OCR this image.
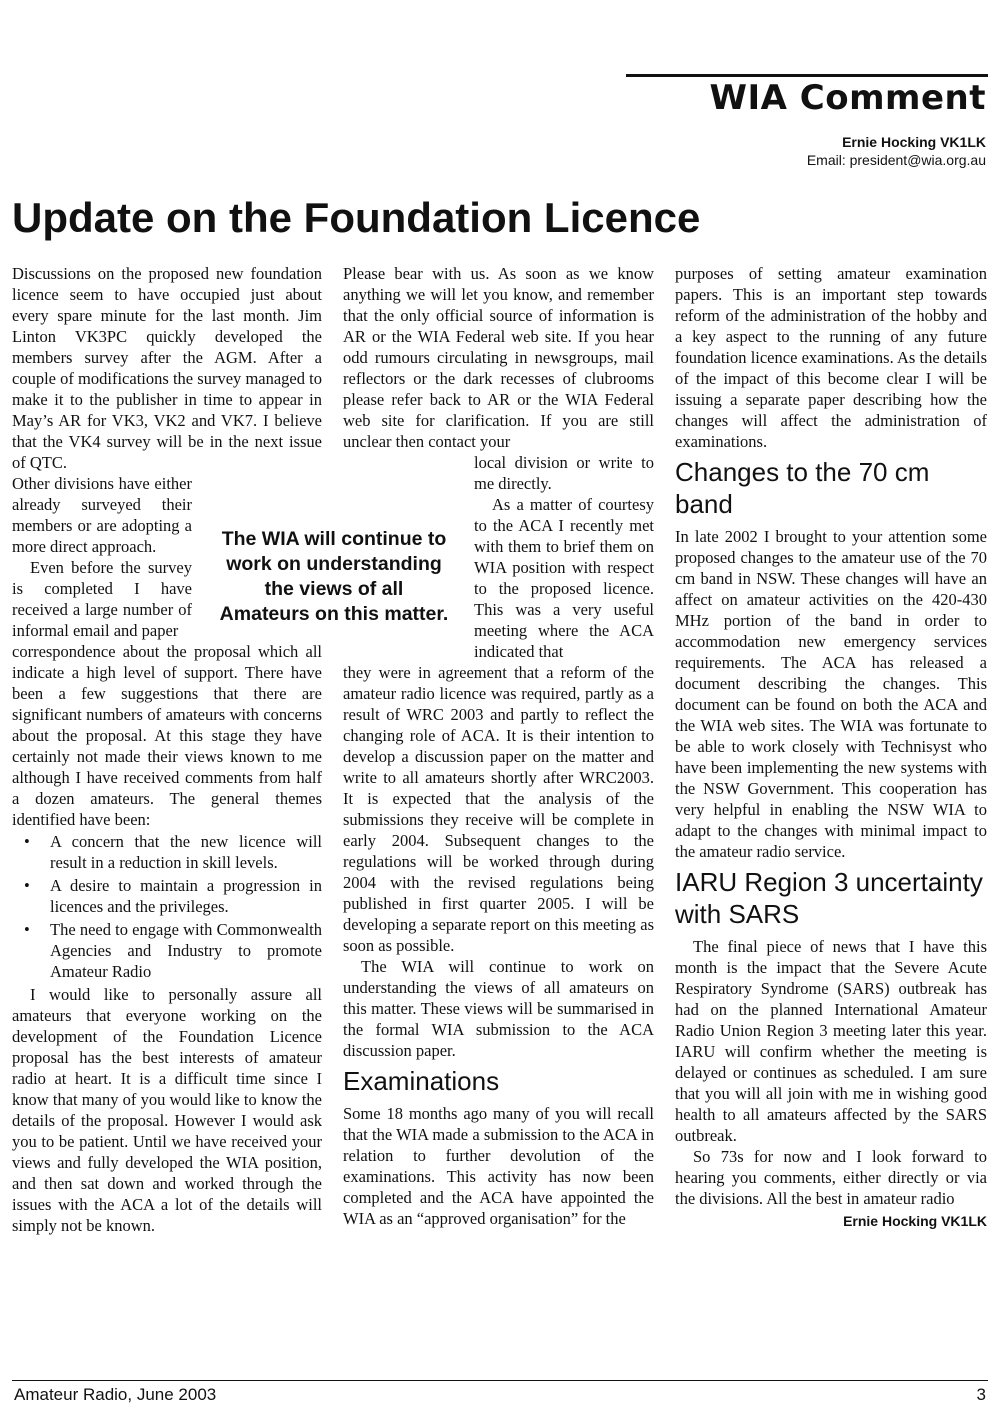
WIA Comment
Ernie Hocking VK1LK
Email: president@wia.org.au
Update on the Foundation Licence

Discussions on the proposed new foundation licence seem to have occupied just about every spare minute for the last month. Jim Linton VK3PC quickly developed the members survey after the AGM. After a couple of modifications the survey managed to make it to the publisher in time to appear in May’s AR for VK3, VK2 and VK7. I believe that the VK4 survey will be in the next issue of QTC.

Other divisions have either already surveyed their members or are adopting a more direct approach.

Even before the survey is completed I have received a large number of informal email and paper

correspondence about the proposal which all indicate a high level of support. There have been a few suggestions that there are significant numbers of amateurs with concerns about the proposal. At this stage they have certainly not made their views known to me although I have received comments from half a dozen amateurs. The general themes identified have been:

• A concern that the new licence will result in a reduction in skill levels.
• A desire to maintain a progression in licences and the privileges.
• The need to engage with Commonwealth Agencies and Industry to promote Amateur Radio

I would like to personally assure all amateurs that everyone working on the development of the Foundation Licence proposal has the best interests of amateur radio at heart. It is a difficult time since I know that many of you would like to know the details of the proposal. However I would ask you to be patient. Until we have received your views and fully developed the WIA position, and then sat down and worked through the issues with the ACA a lot of the details will simply not be known.

The WIA will continue to work on understanding the views of all Amateurs on this matter.

Please bear with us. As soon as we know anything we will let you know, and remember that the only official source of information is AR or the WIA Federal web site. If you hear odd rumours circulating in newsgroups, mail reflectors or the dark recesses of clubrooms please refer back to AR or the WIA Federal web site for clarification. If you are still unclear then contact your

local division or write to me directly.

As a matter of courtesy to the ACA I recently met with them to brief them on WIA position with respect to the proposed licence. This was a very useful meeting where the ACA indicated that

they were in agreement that a reform of the amateur radio licence was required, partly as a result of WRC 2003 and partly to reflect the changing role of ACA. It is their intention to develop a discussion paper on the matter and write to all amateurs shortly after WRC2003. It is expected that the analysis of the submissions they receive will be complete in early 2004. Subsequent changes to the regulations will be worked through during 2004 with the revised regulations being published in first quarter 2005. I will be developing a separate report on this meeting as soon as possible.

The WIA will continue to work on understanding the views of all amateurs on this matter. These views will be summarised in the formal WIA submission to the ACA discussion paper.

Examinations

Some 18 months ago many of you will recall that the WIA made a submission to the ACA in relation to further devolution of the examinations. This activity has now been completed and the ACA have appointed the WIA as an “approved organisation” for the

purposes of setting amateur examination papers. This is an important step towards reform of the administration of the hobby and a key aspect to the running of any future foundation licence examinations. As the details of the impact of this become clear I will be issuing a separate paper describing how the changes will affect the administration of examinations.

Changes to the 70 cm band

In late 2002 I brought to your attention some proposed changes to the amateur use of the 70 cm band in NSW. These changes will have an affect on amateur activities on the 420-430 MHz portion of the band in order to accommodation new emergency services requirements. The ACA has released a document describing the changes. This document can be found on both the ACA and the WIA web sites. The WIA was fortunate to be able to work closely with Technisyst who have been implementing the new systems with the NSW Government. This cooperation has very helpful in enabling the NSW WIA to adapt to the changes with minimal impact to the amateur radio service.

IARU Region 3 uncertainty with SARS

The final piece of news that I have this month is the impact that the Severe Acute Respiratory Syndrome (SARS) outbreak has had on the planned International Amateur Radio Union Region 3 meeting later this year. IARU will confirm whether the meeting is delayed or continues as scheduled. I am sure that you will all join with me in wishing good health to all amateurs affected by the SARS outbreak.

So 73s for now and I look forward to hearing you comments, either directly or via the divisions. All the best in amateur radio

Ernie Hocking VK1LK
Amateur Radio, June 2003	3
